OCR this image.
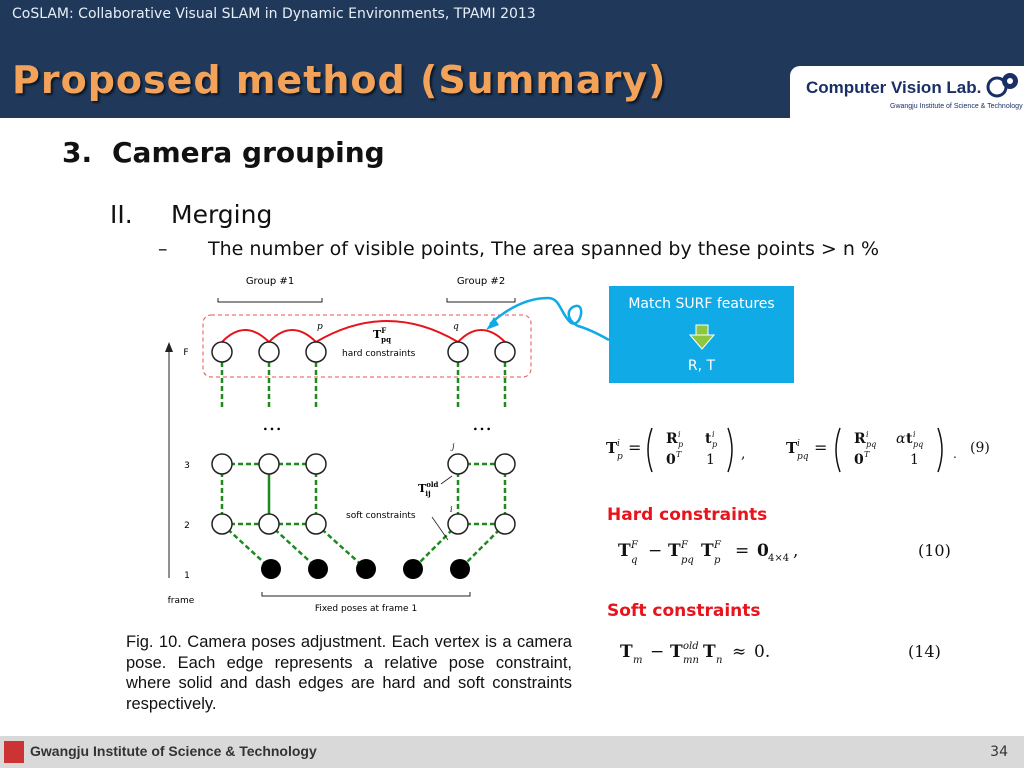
CoSLAM: Collaborative Visual SLAM in Dynamic Environments, TPAMI 2013
Proposed method (Summary)	Computer Vision Lab.
Gwangju Institute of Science & Technology
3. Camera grouping
II. Merging
– The number of visible points, The area spanned by these points > n %
Group #1	Group #2
F
3
2
1
frame
hard constraints
$T^F$ pq
p	q
…	…
j
i
$T^{old}$ ij
soft constraints
Fixed poses at frame 1
Match SURF features
R, T
T i
p = R i
p t i
p
0 T 1 ,	T i
pq = R i
pq α t i
pq
0 T	1	. (9)
Hard constraints
T F
q − T F
pq T F
p = 0 4×4 ,	(10)
Soft constraints
T m − T old
mn T n ≈ 0.	(14)
Fig. 10. Camera poses adjustment. Each vertex is a camera pose. Each edge represents a relative pose constraint, where solid and dash edges are hard and soft constraints respectively.
Gwangju Institute of Science & Technology	34
